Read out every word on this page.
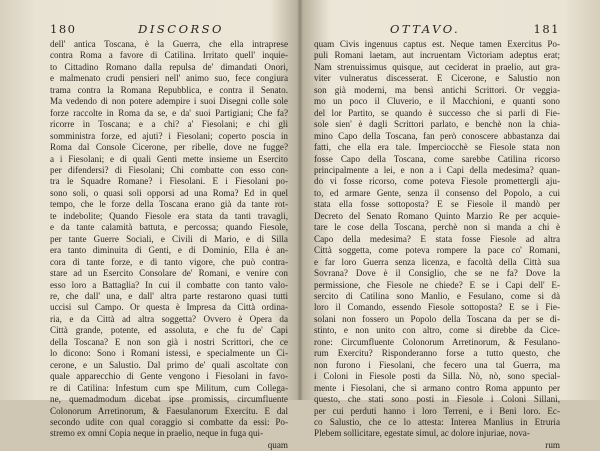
180	DISCORSO
dell' antica Toscana, è la Guerra, che ella intraprese
contra Roma a favore di Catilina. Irritato quell' inquie-
to Cittadino Romano dalla repulsa de' dimandati Onori,
e malmenato crudi pensieri nell' animo suo, fece congiura
trama contra la Romana Repubblica, e contra il Senato.
Ma vedendo di non potere adempire i suoi Disegni colle sole
forze raccolte in Roma da se, e da' suoi Partigiani; Che fa?
ricorre in Toscana; e a chi? a' Fiesolani; e chi gli
somministra forze, ed ajuti? i Fiesolani; coperto poscia in
Roma dal Console Cicerone, per ribelle, dove ne fugge?
a i Fiesolani; e di quali Genti mette insieme un Esercito
per difendersi? di Fiesolani; Chi combatte con esso con-
tra le Squadre Romane? i Fiesolani. E i Fiesolani po-
sono soli, o quasi soli opporsi ad una Roma? Ed in quel
tempo, che le forze della Toscana erano già da tante rot-
te indebolite; Quando Fiesole era stata da tanti travagli,
e da tante calamità battuta, e percossa; quando Fiesole,
per tante Guerre Sociali, e Civili di Mario, e di Silla
era tanto diminuita di Genti, e di Dominio, Ella è an-
cora di tante forze, e di tanto vigore, che può contra-
stare ad un Esercito Consolare de' Romani, e venire con
esso loro a Battaglia? In cui il combatte con tanto valo-
re, che dall' una, e dall' altra parte restarono quasi tutti
uccisi sul Campo. Or questa è Impresa da Città ordina-
ria, e da Città ad altra soggetta? Ovvero è Opera da
Città grande, potente, ed assoluta, e che fu de' Capi
della Toscana? E non son già i nostri Scrittori, che ce
lo dicono: Sono i Romani istessi, e specialmente un Ci-
cerone, e un Salustio. Dal primo de' quali ascoltate con
quale apparecchio di Gente vengono i Fiesolani in favo-
re di Catilina: Infestum cum spe Militum, cum Collega-
ne, quemadmodum dicebat ipse promissis, circumfluente
Colonorum Arretinorum, & Faesulanorum Exercitu. E dal
secondo udite con qual coraggio si combatte da essi: Po-
stremo ex omni Copia neque in praelio, neque in fuga qui-
quam
OTTAVO.	181
quam Civis ingenuus captus est. Neque tamen Exercitus Po-
puli Romani laetam, aut incruentam Victoriam adeptus erat;
Nam strenuissimus quisque, aut ceciderat in praelio, aut gra-
viter vulneratus discesserat. E Cicerone, e Salustio non
son già moderni, ma bensì antichi Scrittori. Or veggia-
mo un poco il Cluverio, e il Macchioni, e quanti sono
del lor Partito, se quando è successo che si parli di Fie-
sole sien' è dagli Scrittori parlato, e benchè non la chia-
mino Capo della Toscana, fan però conoscere abbastanza dai
fatti, che ella era tale. Imperciocchè se Fiesole stata non
fosse Capo della Toscana, come sarebbe Catilina ricorso
principalmente a lei, e non a i Capi della medesima? quan-
do vi fosse ricorso, come poteva Fiesole promettergli aju-
to, ed armare Gente, senza il consenso del Popolo, a cui
stata ella fosse sottoposta? E se Fiesole il mandò per
Decreto del Senato Romano Quinto Marzio Re per acquie-
tare le cose della Toscana, perchè non si manda a chi è
Capo della medesima? E stata fosse Fiesole ad altra
Città soggetta, come poteva rompere la pace co' Romani,
e far loro Guerra senza licenza, e facoltà della Città sua
Sovrana? Dove è il Consiglio, che se ne fa? Dove la
permissione, che Fiesole ne chiede? E se i Capi dell' E-
sercito di Catilina sono Manlio, e Fesulano, come si dà
loro il Comando, essendo Fiesole sottoposta? E se i Fie-
solani non fossero un Popolo della Toscana da per se di-
stinto, e non unito con altro, come si direbbe da Cice-
rone: Circumfluente Colonorum Arretinorum, & Fesulano-
rum Exercitu? Risponderanno forse a tutto questo, che
non furono i Fiesolani, che fecero una tal Guerra, ma
i Coloni in Fiesole posti da Silla. Nò, nò, sono special-
mente i Fiesolani, che sì armano contro Roma appunto per
questo, che stati sono posti in Fiesole i Coloni Sillani,
per cui perduti hanno i loro Terreni, e i Beni loro. Ec-
co Salustio, che ce lo attesta: Interea Manlius in Etruria
Plebem sollicitare, egestate simul, ac dolore injuriae, nova-
rum
